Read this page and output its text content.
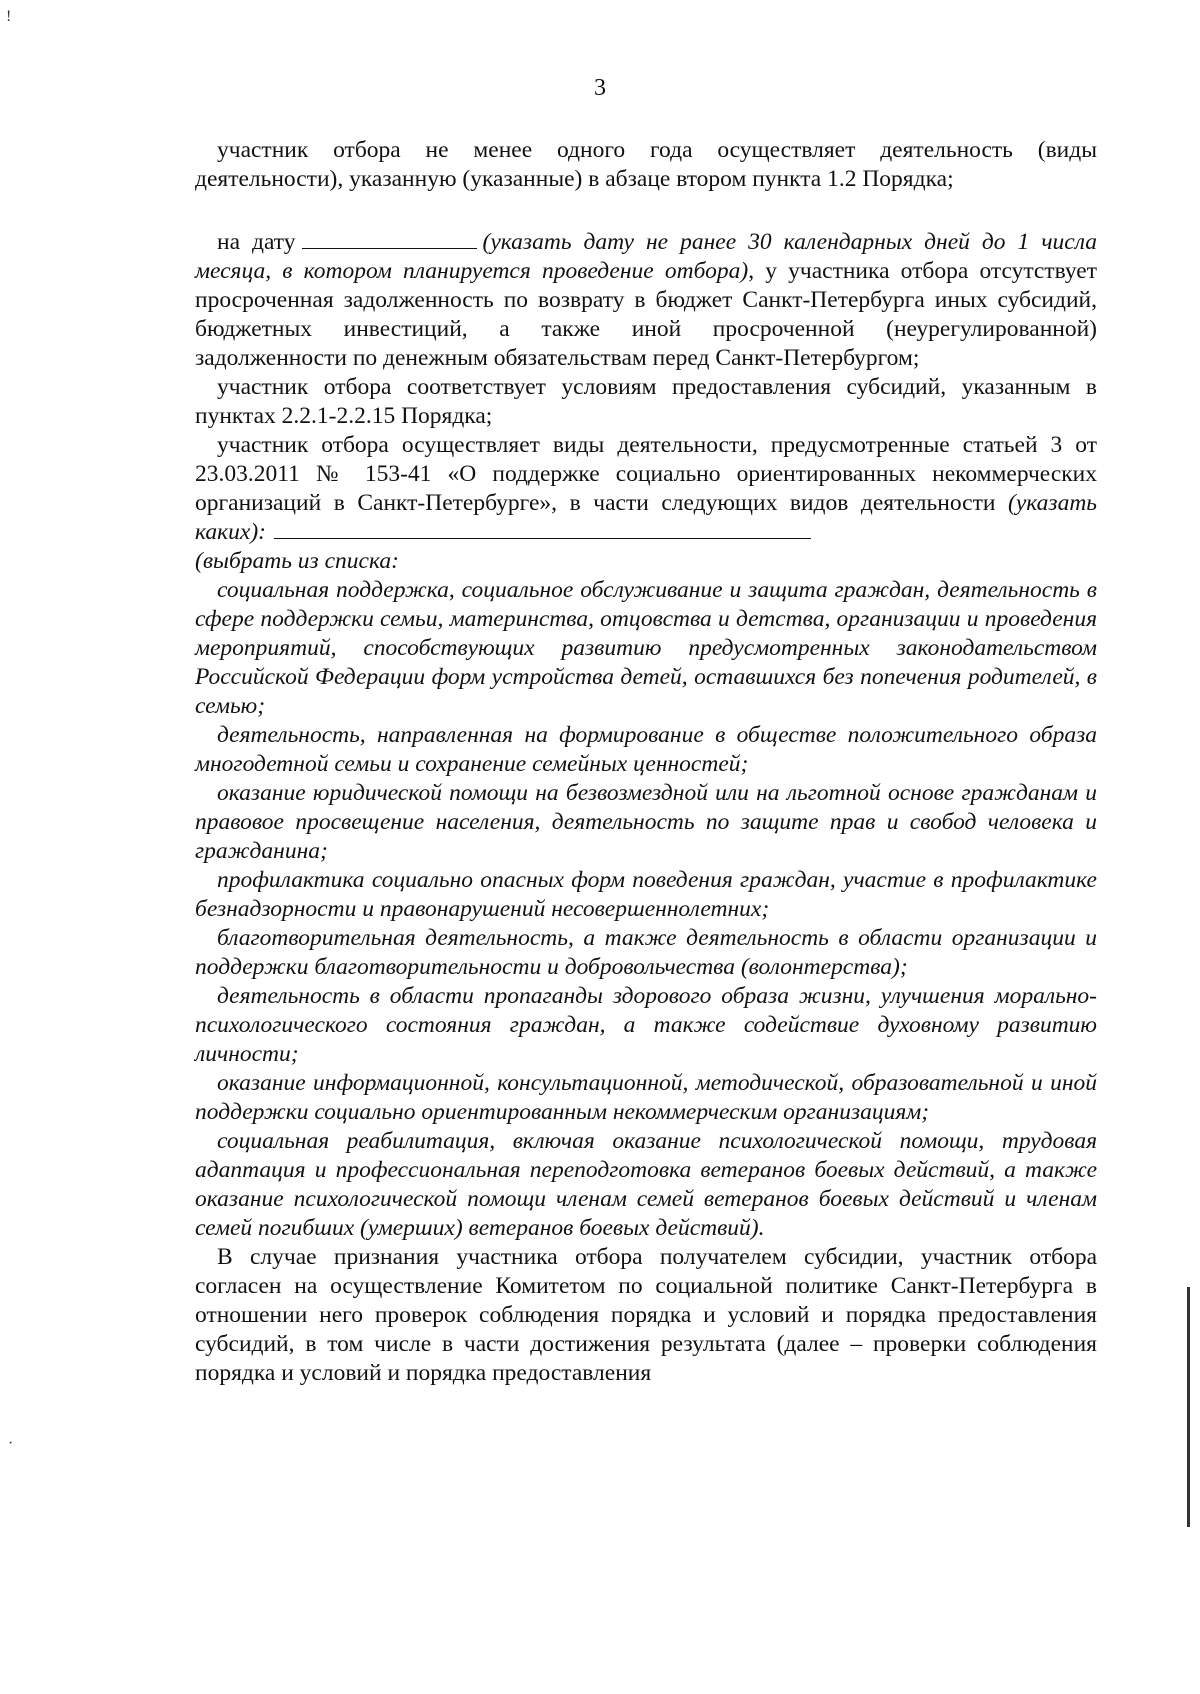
!
·
3

участник отбора не менее одного года осуществляет деятельность (виды деятельности), указанную (указанные) в абзаце втором пункта 1.2 Порядка;

на дату	(указать дату не ранее 30 календарных дней до 1 числа месяца, в котором планируется проведение отбора), у участника отбора отсутствует просроченная задолженность по возврату в бюджет Санкт-Петербурга иных субсидий, бюджетных инвестиций, а также иной просроченной (неурегулированной) задолженности по денежным обязательствам перед Санкт-Петербургом;

участник отбора соответствует условиям предоставления субсидий, указанным в пунктах 2.2.1-2.2.15 Порядка;

участник отбора осуществляет виды деятельности, предусмотренные статьей 3 от 23.03.2011 № 153-41 «О поддержке социально ориентированных некоммерческих организаций в Санкт-Петербурге», в части следующих видов деятельности (указать каких):

(выбрать из списка:

социальная поддержка, социальное обслуживание и защита граждан, деятельность в сфере поддержки семьи, материнства, отцовства и детства, организации и проведения мероприятий, способствующих развитию предусмотренных законодательством Российской Федерации форм устройства детей, оставшихся без попечения родителей, в семью;

деятельность, направленная на формирование в обществе положительного образа многодетной семьи и сохранение семейных ценностей;

оказание юридической помощи на безвозмездной или на льготной основе гражданам и правовое просвещение населения, деятельность по защите прав и свобод человека и гражданина;

профилактика социально опасных форм поведения граждан, участие в профилактике безнадзорности и правонарушений несовершеннолетних;

благотворительная деятельность, а также деятельность в области организации и поддержки благотворительности и добровольчества (волонтерства);

деятельность в области пропаганды здорового образа жизни, улучшения морально-психологического состояния граждан, а также содействие духовному развитию личности;

оказание информационной, консультационной, методической, образовательной и иной поддержки социально ориентированным некоммерческим организациям;

социальная реабилитация, включая оказание психологической помощи, трудовая адаптация и профессиональная переподготовка ветеранов боевых действий, а также оказание психологической помощи членам семей ветеранов боевых действий и членам семей погибших (умерших) ветеранов боевых действий).

В случае признания участника отбора получателем субсидии, участник отбора согласен на осуществление Комитетом по социальной политике Санкт-Петербурга в отношении него проверок соблюдения порядка и условий и порядка предоставления субсидий, в том числе в части достижения результата (далее – проверки соблюдения порядка и условий и порядка предоставления
